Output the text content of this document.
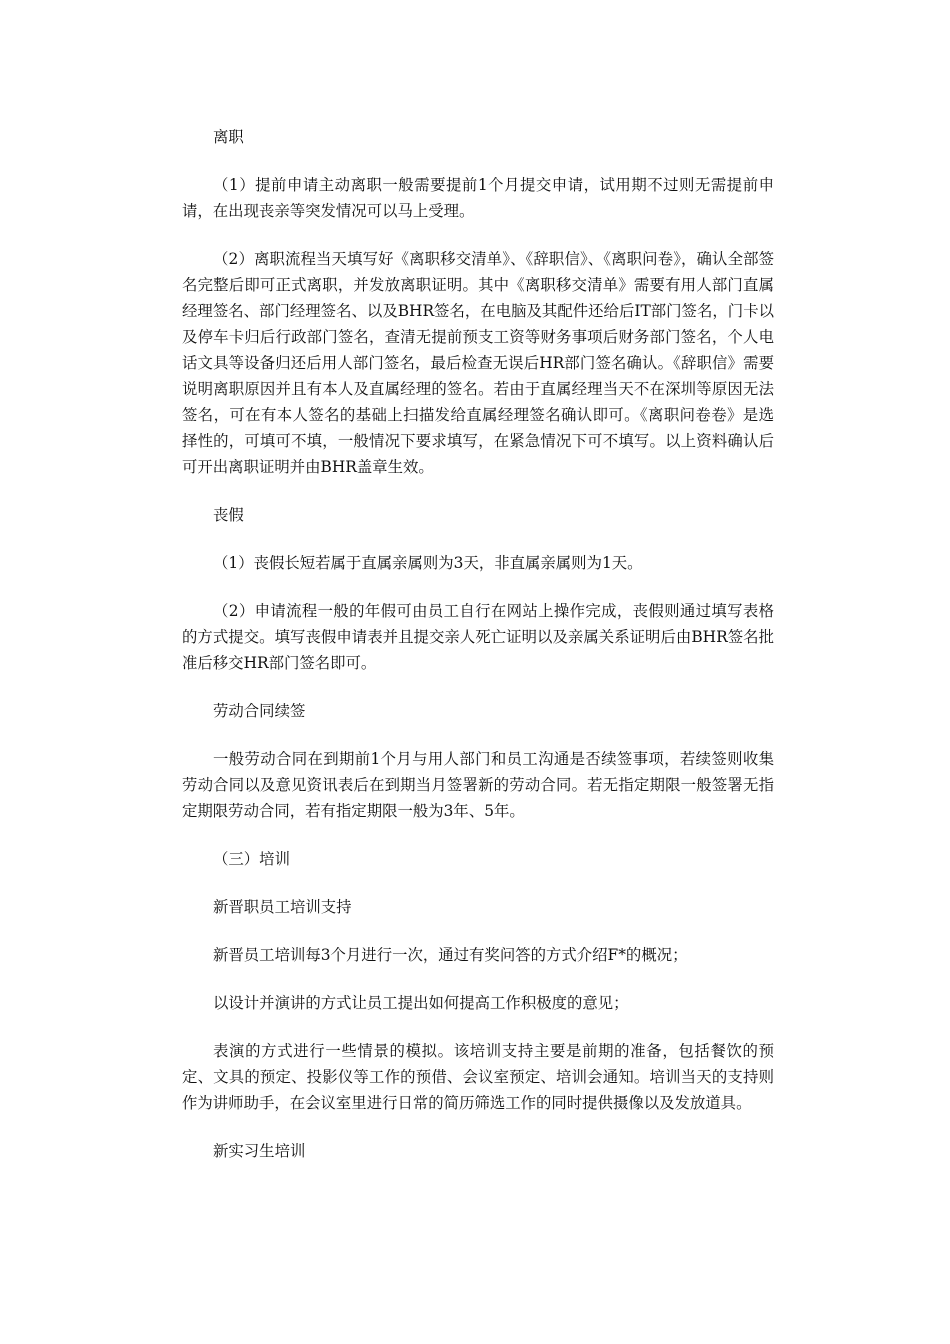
离职

（1）提前申请主动离职一般需要提前1个月提交申请，试用期不过则无需提前申请，在出现丧亲等突发情况可以马上受理。

（2）离职流程当天填写好《离职移交清单》、《辞职信》、《离职问卷》，确认全部签名完整后即可正式离职，并发放离职证明。其中《离职移交清单》需要有用人部门直属经理签名、部门经理签名、以及BHR签名，在电脑及其配件还给后IT部门签名，门卡以及停车卡归后行政部门签名，查清无提前预支工资等财务事项后财务部门签名，个人电话文具等设备归还后用人部门签名，最后检查无误后HR部门签名确认。《辞职信》需要说明离职原因并且有本人及直属经理的签名。若由于直属经理当天不在深圳等原因无法签名，可在有本人签名的基础上扫描发给直属经理签名确认即可。《离职问卷卷》是选择性的，可填可不填，一般情况下要求填写，在紧急情况下可不填写。以上资料确认后可开出离职证明并由BHR盖章生效。

丧假

（1）丧假长短若属于直属亲属则为3天，非直属亲属则为1天。

（2）申请流程一般的年假可由员工自行在网站上操作完成，丧假则通过填写表格的方式提交。填写丧假申请表并且提交亲人死亡证明以及亲属关系证明后由BHR签名批准后移交HR部门签名即可。

劳动合同续签

一般劳动合同在到期前1个月与用人部门和员工沟通是否续签事项，若续签则收集劳动合同以及意见资讯表后在到期当月签署新的劳动合同。若无指定期限一般签署无指定期限劳动合同，若有指定期限一般为3年、5年。

（三）培训

新晋职员工培训支持

新晋员工培训每3个月进行一次，通过有奖问答的方式介绍F*的概况；

以设计并演讲的方式让员工提出如何提高工作积极度的意见；

表演的方式进行一些情景的模拟。该培训支持主要是前期的准备，包括餐饮的预定、文具的预定、投影仪等工作的预借、会议室预定、培训会通知。培训当天的支持则作为讲师助手，在会议室里进行日常的简历筛选工作的同时提供摄像以及发放道具。

新实习生培训
